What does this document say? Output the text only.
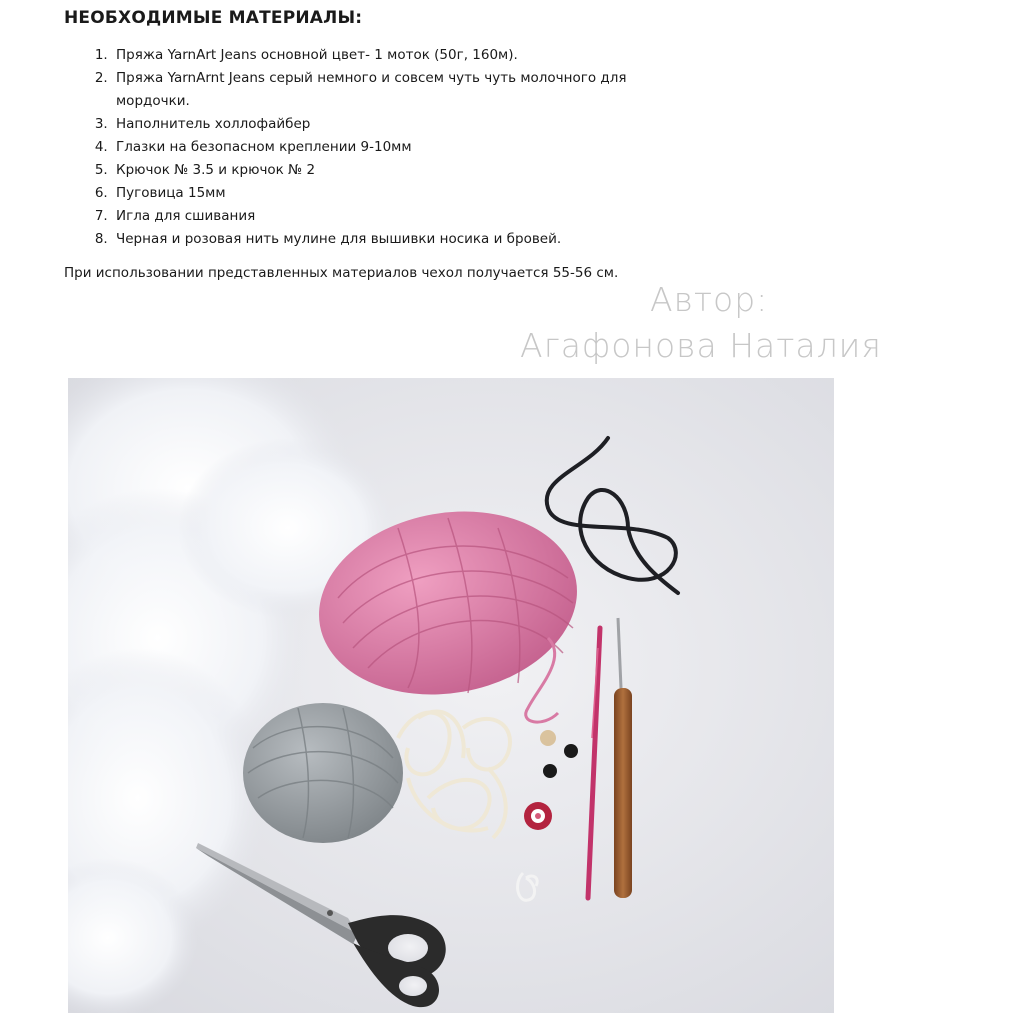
НЕОБХОДИМЫЕ МАТЕРИАЛЫ:
1. Пряжа YarnArt Jeans основной цвет- 1 моток (50г, 160м).
2. Пряжа YarnArnt Jeans серый немного и совсем чуть чуть молочного для мордочки.
3. Наполнитель холлофайбер
4. Глазки на безопасном креплении 9-10мм
5. Крючок № 3.5 и крючок № 2
6. Пуговица 15мм
7. Игла для сшивания
8. Черная и розовая нить мулине для вышивки носика и бровей.

При использовании представленных материалов чехол получается 55-56 см.

Автор:
Агафонова Наталия
